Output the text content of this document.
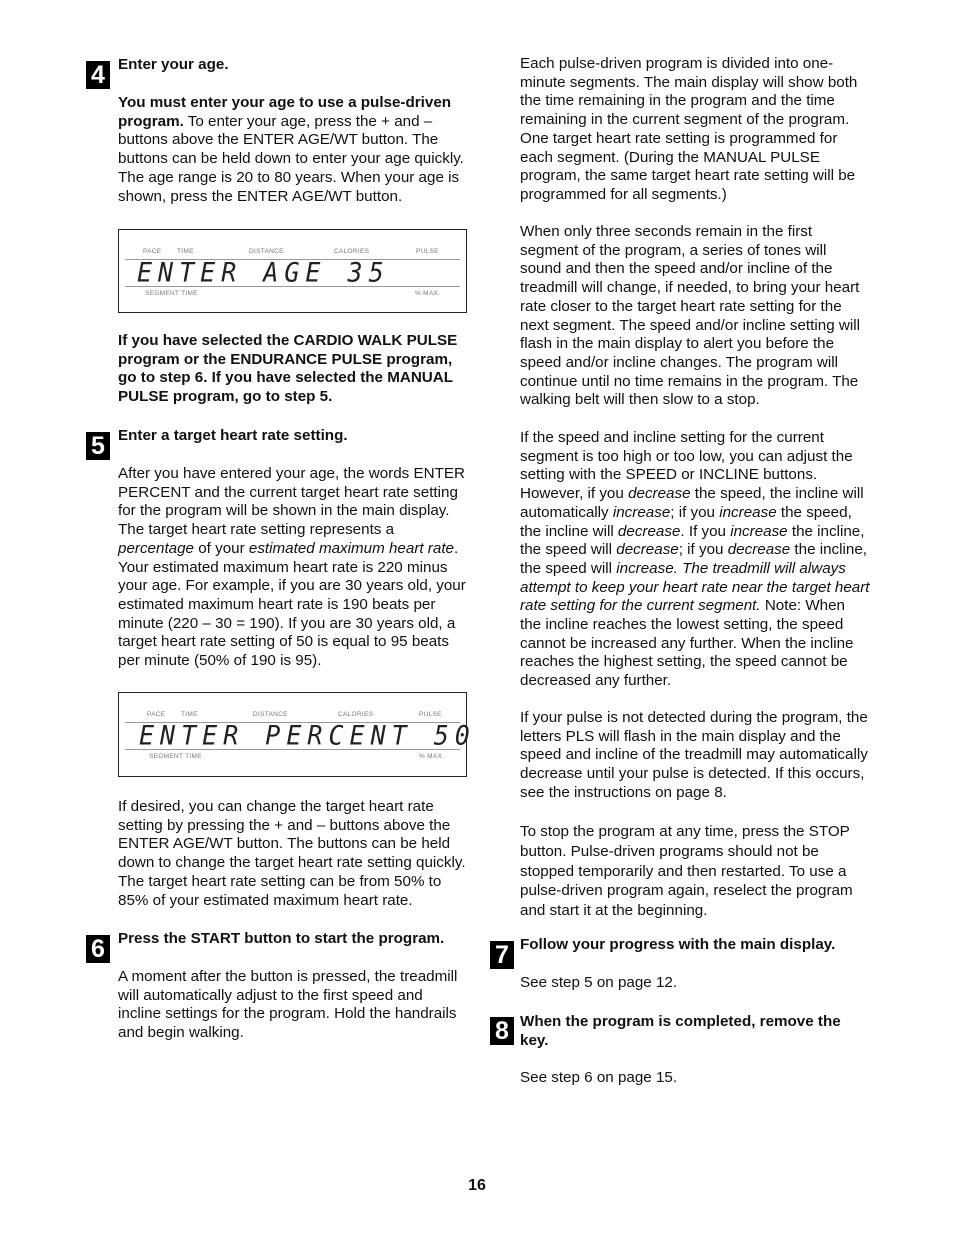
4 Enter your age.

You must enter your age to use a pulse-driven program. To enter your age, press the + and – buttons above the ENTER AGE/WT button. The buttons can be held down to enter your age quickly. The age range is 20 to 80 years. When your age is shown, press the ENTER AGE/WT button.

PACE TIME	DISTANCE	CALORIES	PULSE
ENTER AGE 35
SEGMENT TIME	% MAX.

If you have selected the CARDIO WALK PULSE program or the ENDURANCE PULSE program, go to step 6. If you have selected the MANUAL PULSE program, go to step 5.

5 Enter a target heart rate setting.

After you have entered your age, the words ENTER PERCENT and the current target heart rate setting for the program will be shown in the main display. The target heart rate setting represents a percentage of your estimated maximum heart rate. Your estimated maximum heart rate is 220 minus your age. For example, if you are 30 years old, your estimated maximum heart rate is 190 beats per minute (220 – 30 = 190). If you are 30 years old, a target heart rate setting of 50 is equal to 95 beats per minute (50% of 190 is 95).

PACE TIME	DISTANCE	CALORIES	PULSE
ENTER PERCENT 50
SEGMENT TIME	% MAX.

If desired, you can change the target heart rate setting by pressing the + and – buttons above the ENTER AGE/WT button. The buttons can be held down to change the target heart rate setting quickly. The target heart rate setting can be from 50% to 85% of your estimated maximum heart rate.

6 Press the START button to start the program.

A moment after the button is pressed, the treadmill will automatically adjust to the first speed and incline settings for the program. Hold the handrails and begin walking.

Each pulse-driven program is divided into one-minute segments. The main display will show both the time remaining in the program and the time remaining in the current segment of the program. One target heart rate setting is programmed for each segment. (During the MANUAL PULSE program, the same target heart rate setting will be programmed for all segments.)

When only three seconds remain in the first segment of the program, a series of tones will sound and then the speed and/or incline of the treadmill will change, if needed, to bring your heart rate closer to the target heart rate setting for the next segment. The speed and/or incline setting will flash in the main display to alert you before the speed and/or incline changes. The program will continue until no time remains in the program. The walking belt will then slow to a stop.

If the speed and incline setting for the current segment is too high or too low, you can adjust the setting with the SPEED or INCLINE buttons. However, if you decrease the speed, the incline will automatically increase; if you increase the speed, the incline will decrease. If you increase the incline, the speed will decrease; if you decrease the incline, the speed will increase. The treadmill will always attempt to keep your heart rate near the target heart rate setting for the current segment. Note: When the incline reaches the lowest setting, the speed cannot be increased any further. When the incline reaches the highest setting, the speed cannot be decreased any further.

If your pulse is not detected during the program, the letters PLS will flash in the main display and the speed and incline of the treadmill may automatically decrease until your pulse is detected. If this occurs, see the instructions on page 8.

To stop the program at any time, press the STOP button. Pulse-driven programs should not be stopped temporarily and then restarted. To use a pulse-driven program again, reselect the program and start it at the beginning.

7 Follow your progress with the main display.

See step 5 on page 12.

8 When the program is completed, remove the key.

See step 6 on page 15.

16
